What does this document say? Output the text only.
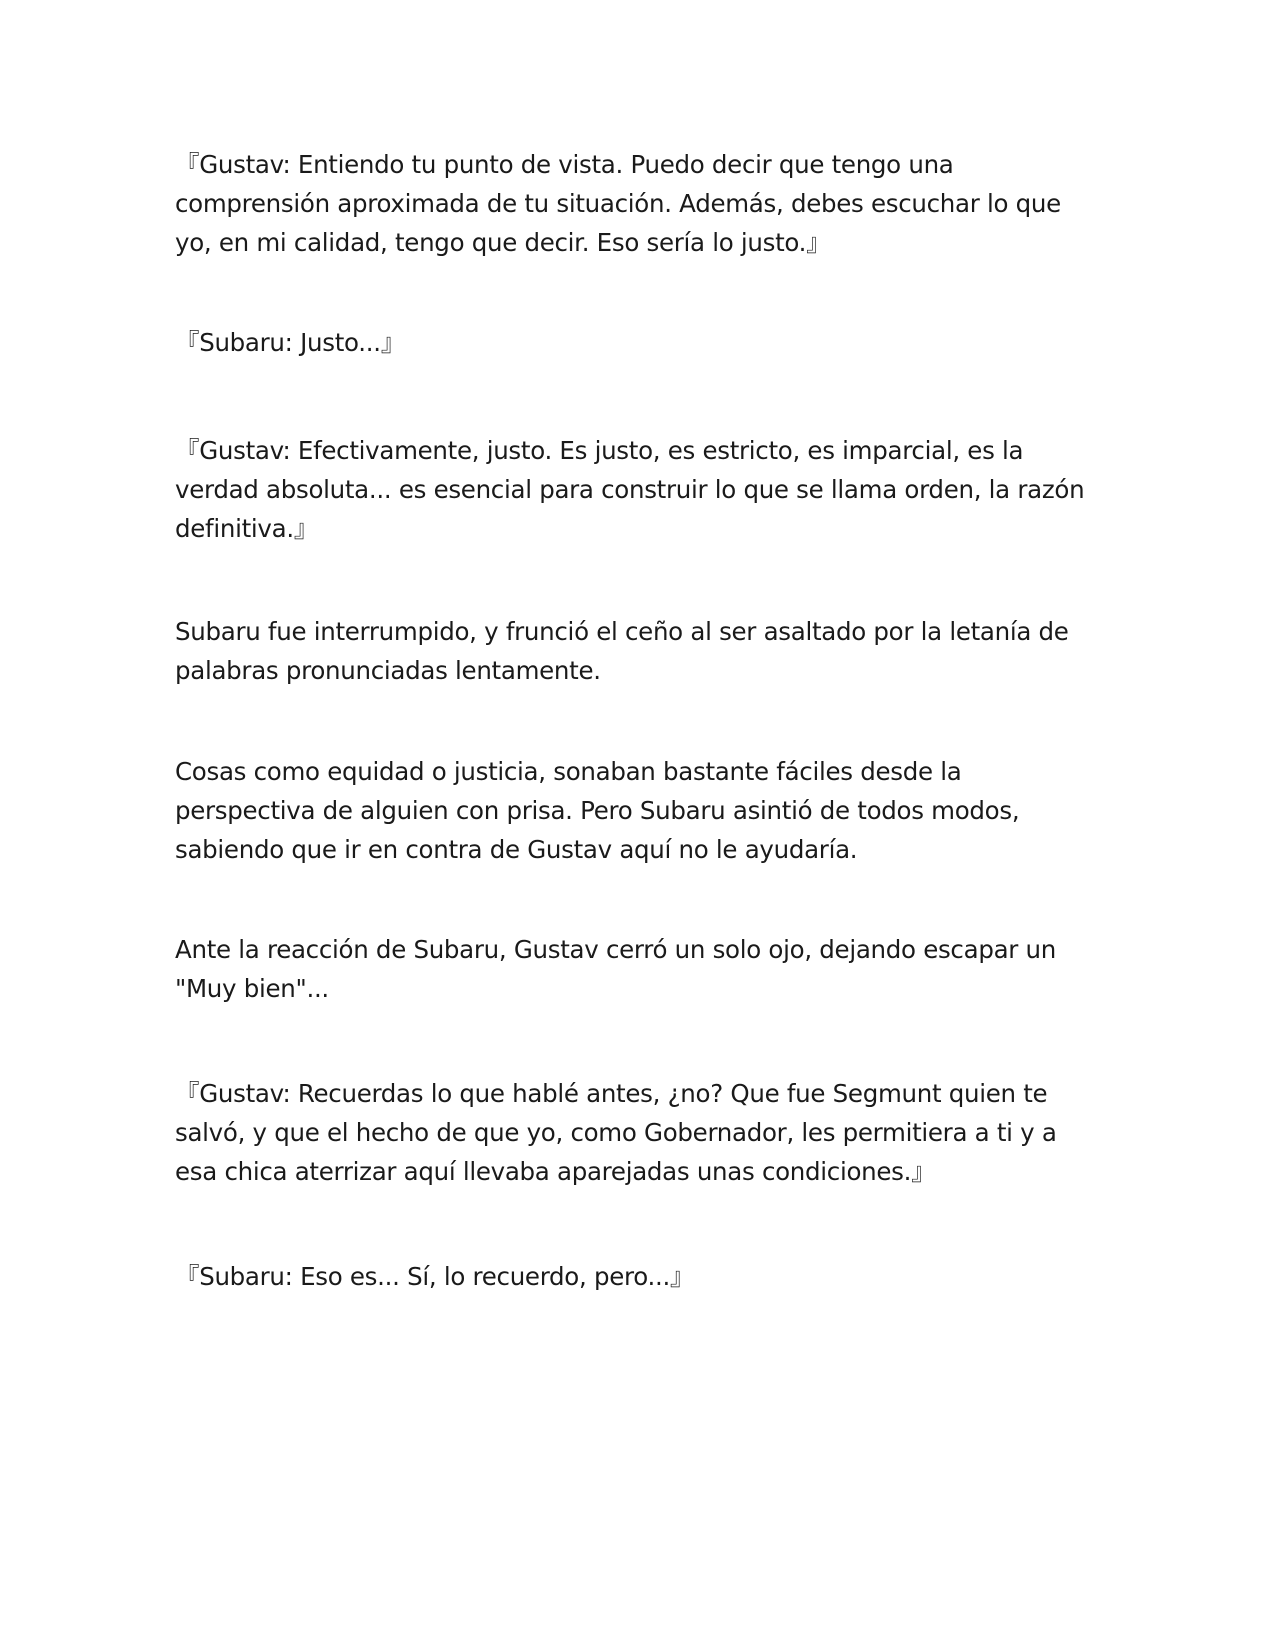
『Gustav: Entiendo tu punto de vista. Puedo decir que tengo una comprensión aproximada de tu situación. Además, debes escuchar lo que yo, en mi calidad, tengo que decir. Eso sería lo justo.』

『Subaru: Justo...』

『Gustav: Efectivamente, justo. Es justo, es estricto, es imparcial, es la verdad absoluta... es esencial para construir lo que se llama orden, la razón definitiva.』

Subaru fue interrumpido, y frunció el ceño al ser asaltado por la letanía de palabras pronunciadas lentamente.

Cosas como equidad o justicia, sonaban bastante fáciles desde la perspectiva de alguien con prisa. Pero Subaru asintió de todos modos, sabiendo que ir en contra de Gustav aquí no le ayudaría.

Ante la reacción de Subaru, Gustav cerró un solo ojo, dejando escapar un "Muy bien"...

『Gustav: Recuerdas lo que hablé antes, ¿no? Que fue Segmunt quien te salvó, y que el hecho de que yo, como Gobernador, les permitiera a ti y a esa chica aterrizar aquí llevaba aparejadas unas condiciones.』

『Subaru: Eso es... Sí, lo recuerdo, pero...』
